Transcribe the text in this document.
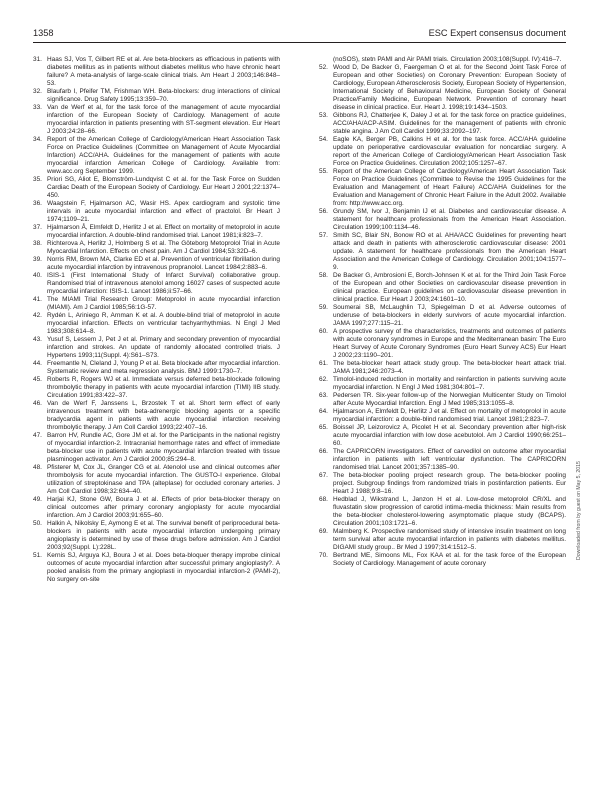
1358	ESC Expert consensus document

31. Haas SJ, Vos T, Gilbert RE et al. Are beta-blockers as efficacious in patients with diabetes mellitus as in patients without diabetes mellitus who have chronic heart failure? A meta-analysis of large-scale clinical trials. Am Heart J 2003;146:848–53.

32. Blaufarb I, Pfeifer TM, Frishman WH. Beta-blockers: drug interactions of clinical significance. Drug Safety 1995;13:359–70.

33. Van de Werf et al, for the task force of the management of acute myocardial infarction of the European Society of Cardiology. Management of acute myocardial infarction in patients presenting with ST-segment elevation. Eur Heart J 2003;24:28–66.

34. Report of the American College of Cardiology/American Heart Association Task Force on Practice Guidelines (Committee on Management of Acute Myocardial Infarction) ACC/AHA. Guidelines for the management of patients with acute myocardial infarction American College of Cardiology. Available from: www.acc.org September 1999.

35. Priori SG, Aliot E, Blomström-Lundqvist C et al. for the Task Force on Sudden Cardiac Death of the European Society of Cardiology. Eur Heart J 2001;22:1374–450.

36. Waagstein F, Hjalmarson AC, Wasir HS. Apex cardiogram and systolic time intervals in acute myocardial infarction and effect of practolol. Br Heart J 1974;1109–21.

37. Hjalmarson Å, Elmfeldt D, Herlitz J et al. Effect on mortality of metoprolol in acute myocardial infarction. A double-blind randomised trial. Lancet 1981;ii:823–7.

38. Richterova A, Herlitz J, Holmberg S et al. The Göteborg Metoprolol Trial in Acute Myocardial Infarction. Effects on chest pain. Am J Cardiol 1984;53:32D–6.

39. Norris RM, Brown MA, Clarke ED et al. Prevention of ventricular fibrillation during acute myocardial infarction by intravenous propranolol. Lancet 1984;2:883–6.

40. ISIS-1 (First International Study of Infarct Survival) collaborative group. Randomised trial of intravenous atenolol among 16027 cases of suspected acute myocardial infarction: ISIS-1. Lancet 1986;ii:57–66.

41. The MIAMI Trial Research Group: Metoprolol in acute myocardial infarction (MIAMI). Am J Cardiol 1985;56:1G-57.

42. Rydén L, Ariniego R, Arnman K et al. A double-blind trial of metoprolol in acute myocardial infarction. Effects on ventricular tachyarrhythmias. N Engl J Med 1983;308:614–8.

43. Yusuf S, Lessem J, Pet J et al. Primary and secondary prevention of myocardial infarction and strokes. An update of randomly allocated controlled trials. J Hypertens 1993;11(Suppl. 4):S61–S73.

44. Freemantle N, Cleland J, Young P et al. Beta blockade after myocardial infarction. Systematic review and meta regression analysis. BMJ 1999:1730–7.

45. Roberts R, Rogers WJ et al. Immediate versus deferred beta-blockade following thrombolytic therapy in patients with acute myocardial infarction (TIMI) IIB study. Circulation 1991;83:422–37.

46. Van de Werf F, Janssens L, Brzostek T et al. Short term effect of early intravenous treatment with beta-adrenergic blocking agents or a specific bradycardia agent in patients with acute myocardial infarction receiving thrombolytic therapy. J Am Coll Cardiol 1993;22:407–16.

47. Barron HV, Rundle AC, Gore JM et al. for the Participants in the national registry of myocardial infarction-2. Intracranial hemorrhage rates and effect of immediate beta-blocker use in patients with acute myocardial infarction treated with tissue plasminogen activator. Am J Cardiol 2000;85:294–8.

48. Pfisterer M, Cox JL, Granger CG et al. Atenolol use and clinical outcomes after thrombolysis for acute myocardial infarction. The GUSTO-I experience. Global utilization of streptokinase and TPA (alteplase) for occluded coronary arteries. J Am Coll Cardiol 1998;32:634–40.

49. Harjai KJ, Stone GW, Boura J et al. Effects of prior beta-blocker therapy on clinical outcomes after primary coronary angioplasty for acute myocardial infarction. Am J Cardiol 2003;91:655–60.

50. Halkin A, Nikolsky E, Aymong E et al. The survival benefit of periprocedural beta-blockers in patients with acute myocardial infarction undergoing primary angioplasty is determined by use of these drugs before admission. Am J Cardiol 2003;92(Suppl. L):228L.

51. Kernis SJ, Arguya KJ, Boura J et al. Does beta-bloquer therapy improbe clinical outcomes of acute myocardial infarction after successful primary angioplasty?. A pooled analisis from the primary angioplasti in myocardial infarction-2 (PAMI-2), No surgery on-site

(noSOS), stetn PAMI and Air PAMI trials. Circulation 2003;108(Suppl. IV):416–7.

52. Wood D, De Backer G, Faergeman O et al. for the Second Joint Task Force of European and other Societies) on Coronary Prevention: European Society of Cardiology, European Atherosclerosis Society, European Society of Hypertension, International Society of Behavioural Medicine, European Society of General Practice/Family Medicine, European Network. Prevention of coronary heart disease in clinical practice. Eur. Heart J. 1998;19:1434–1503.

53. Gibbons RJ, Chatterjee K, Daley J et al. for the task force on practice guidelines, ACC/AHA/ACP-ASIM. Guidelines for the management of patients with chronic stable angina. J Am Coll Cardiol 1999;33:2092–197.

54. Eagle KA, Berger PB, Calkins H et al. for the task force. ACC/AHA guideline update on perioperative cardiovascular evaluation for noncardiac surgery. A report of the American College of Cardiology/American Heart Association Task Force on Practice Guidelines. Circulation 2002;105:1257–67.

55. Report of the American College of Cardiology/American Heart Association Task Force on Practice Guidelines (Committee to Revise the 1995 Guidelines for the Evaluation and Management of Heart Failure) ACC/AHA Guidelines for the Evaluation and Management of Chronic Heart Failure in the Adult 2002. Available from: http://www.acc.org.

56. Grundy SM, Ivor J, Benjamin IJ et al. Diabetes and cardiovascular disease. A statement for healthcare professionals from the American Heart Association. Circulation 1999;100:1134–46.

57. Smith SC, Blair SN, Bonow RO et al. AHA/ACC Guidelines for preventing heart attack and death in patients with atherosclerotic cardiovascular disease: 2001 update. A statement for healthcare professionals from the American Heart Association and the American College of Cardiology. Circulation 2001;104:1577–9.

58. De Backer G, Ambrosioni E, Borch-Johnsen K et al. for the Third Join Task Force of the European and other Societies on cardiovascular disease prevention in clinical practice. European guidelines on cardiovascular disease prevention in clinical practice. Eur Heart J 2003;24:1601–10.

59. Soumerai SB, McLaughlin TJ, Spiegelman D et al. Adverse outcomes of underuse of beta-blockers in elderly survivors of acute myocardial infarction. JAMA 1997;277:115–21.

60. A prospective survey of the characteristics, treatments and outcomes of patients with acute coronary syndromes in Europe and the Mediterranean basin: The Euro Heart Survey of Acute Coronary Syndromes (Euro Heart Survey ACS) Eur Heart J 2002;23:1190–201.

61. The beta-blocker heart attack study group. The beta-blocker heart attack trial. JAMA 1981;246:2073–4.

62. Timolol-induced reduction in mortality and reinfarction in patients surviving acute myocardial infarction. N Engl J Med 1981;304:801–7.

63. Pedersen TR. Six-year follow-up of the Norwegian Multicenter Study on Timolol after Acute Myocardial Infarction. Engl J Med 1985;313:1055–8.

64. Hjalmarson A, Elmfeldt D, Herlitz J et al. Effect on mortality of metoprolol in acute myocardial infarction: a double-blind randomised trial. Lancet 1981;2:823–7.

65. Boissel JP, Leizorovicz A, Picolet H et al. Secondary prevention after high-risk acute myocardial infarction with low dose acebutolol. Am J Cardiol 1990;66:251–60.

66. The CAPRICORN investigators. Effect of carvedilol on outcome after myocardial infarction in patients with left ventricular dysfunction. The CAPRICORN randomised trial. Lancet 2001;357:1385–90.

67. The beta-blocker pooling project research group. The beta-blocker pooling project. Subgroup findings from randomized trials in postinfarction patients. Eur Heart J 1988;9:8–16.

68. Hedblad J, Wikstrand L, Janzon H et al. Low-dose metoprolol CR/XL and fluvastatin slow progression of carotid intima-media thickness: Main results from the beta-blocker cholesterol-lowering asymptomatic plaque study (BCAPS). Circulation 2001;103:1721–6.

69. Malmberg K. Prospective randomised study of intensive insulin treatment on long term survival after acute myocardial infarction in patients with diabetes mellitus. DIGAMI study group.. Br Med J 1997;314:1512–5.

70. Bertrand ME, Simoons ML, Fox KAA et al. for the task force of the European Society of Cardiology. Management of acute coronary

Downloaded from by guest on May 5, 2015
